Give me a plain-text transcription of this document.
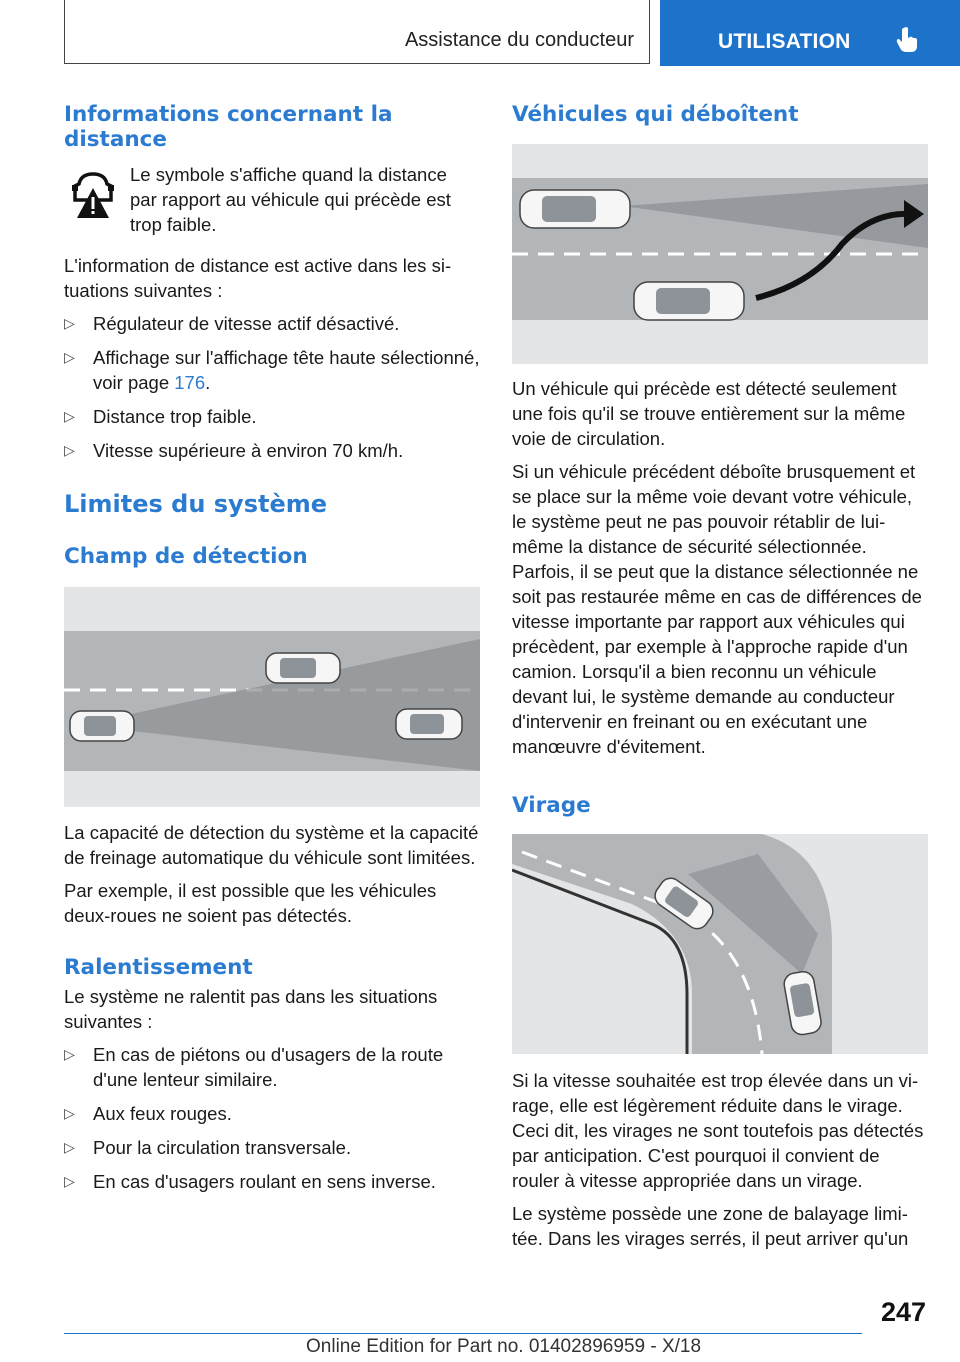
Assistance du conducteur	UTILISATION
Informations concernant la distance

Le symbole s'affiche quand la distance par rapport au véhicule qui précède est trop faible.

L'information de distance est active dans les situations suivantes :

▷ Régulateur de vitesse actif désactivé.
▷ Affichage sur l'affichage tête haute sélectionné, voir page 176.
▷ Distance trop faible.
▷ Vitesse supérieure à environ 70 km/h.
Limites du système
Champ de détection

La capacité de détection du système et la capacité de freinage automatique du véhicule sont limitées.

Par exemple, il est possible que les véhicules deux-roues ne soient pas détectés.

Ralentissement

Le système ne ralentit pas dans les situations suivantes :

▷ En cas de piétons ou d'usagers de la route d'une lenteur similaire.
▷ Aux feux rouges.
▷ Pour la circulation transversale.
▷ En cas d'usagers roulant en sens inverse.
Véhicules qui déboîtent

Un véhicule qui précède est détecté seulement une fois qu'il se trouve entièrement sur la même voie de circulation.

Si un véhicule précédent déboîte brusquement et se place sur la même voie devant votre véhicule, le système peut ne pas pouvoir rétablir de lui-même la distance de sécurité sélectionnée. Parfois, il se peut que la distance sélectionnée ne soit pas restaurée même en cas de différences de vitesse importante par rapport aux véhicules qui précèdent, par exemple à l'approche rapide d'un camion. Lorsqu'il a bien reconnu un véhicule devant lui, le système demande au conducteur d'intervenir en freinant ou en exécutant une manœuvre d'évitement.

Virage

Si la vitesse souhaitée est trop élevée dans un virage, elle est légèrement réduite dans le virage. Ceci dit, les virages ne sont toutefois pas détectés par anticipation. C'est pourquoi il convient de rouler à vitesse appropriée dans un virage.

Le système possède une zone de balayage limitée. Dans les virages serrés, il peut arriver qu'un

247
Online Edition for Part no. 01402896959 - X/18
